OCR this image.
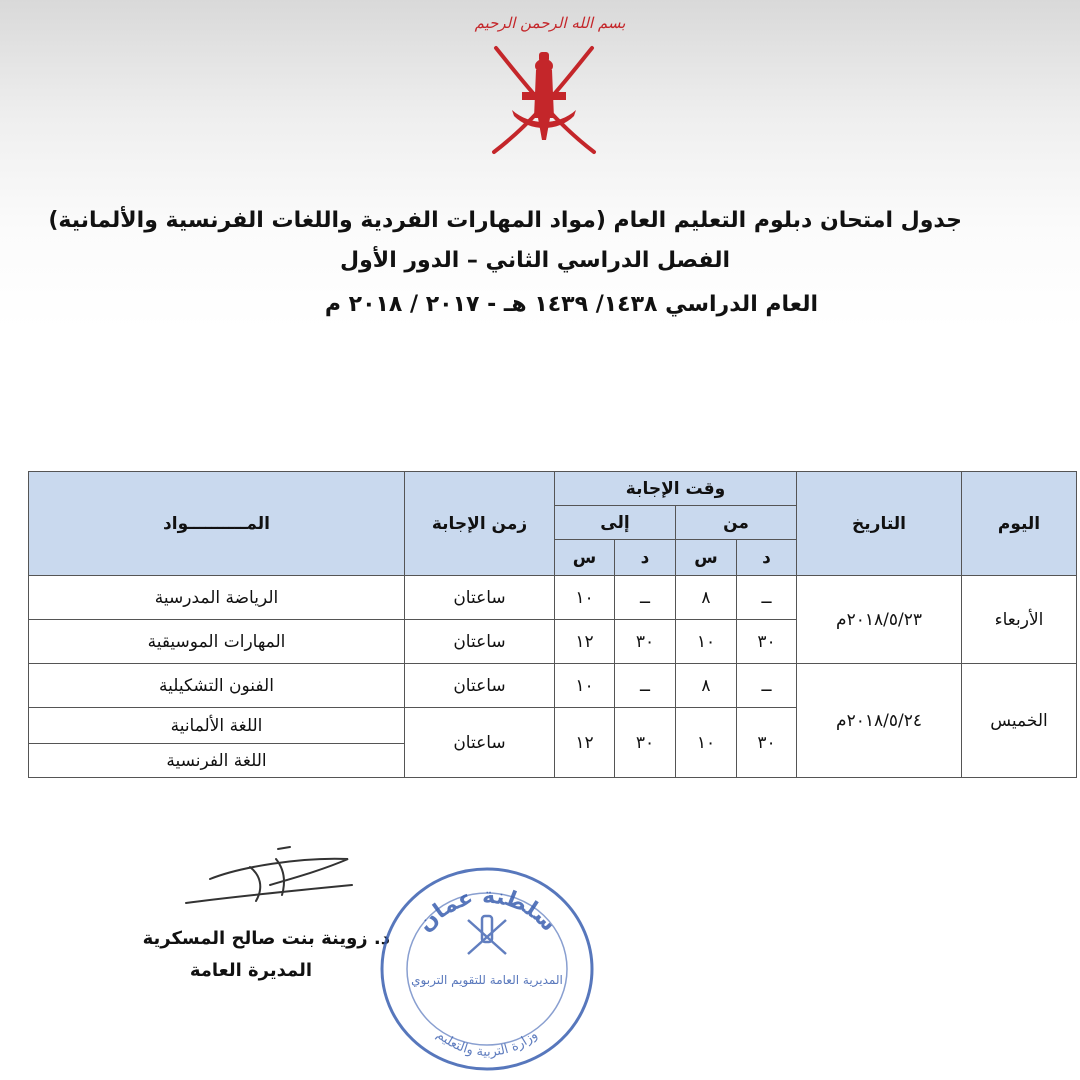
بسم الله الرحمن الرحيم
جدول امتحان دبلوم التعليم العام (مواد المهارات الفردية واللغات الفرنسية والألمانية)
الفصل الدراسي الثاني – الدور الأول
العام الدراسي ١٤٣٨/ ١٤٣٩ هـ - ٢٠١٧ / ٢٠١٨ م
اليوم	التاريخ	وقت الإجابة				زمن الإجابة	المــــــــــواد
		من		إلى			
		د	س	د	س		
الأربعاء	٢٠١٨/٥/٢٣م	ــ	٨	ــ	١٠	ساعتان	الرياضة المدرسية
		٣٠	١٠	٣٠	١٢	ساعتان	المهارات الموسيقية
الخميس	٢٠١٨/٥/٢٤م	ــ	٨	ــ	١٠	ساعتان	الفنون التشكيلية
		٣٠	١٠	٣٠	١٢	ساعتان	اللغة الألمانية
							اللغة الفرنسية
د. زوينة بنت صالح المسكرية
المديرة العامة
سلطنة عمان
المديرية العامة للتقويم التربوي
وزارة التربية والتعليم
